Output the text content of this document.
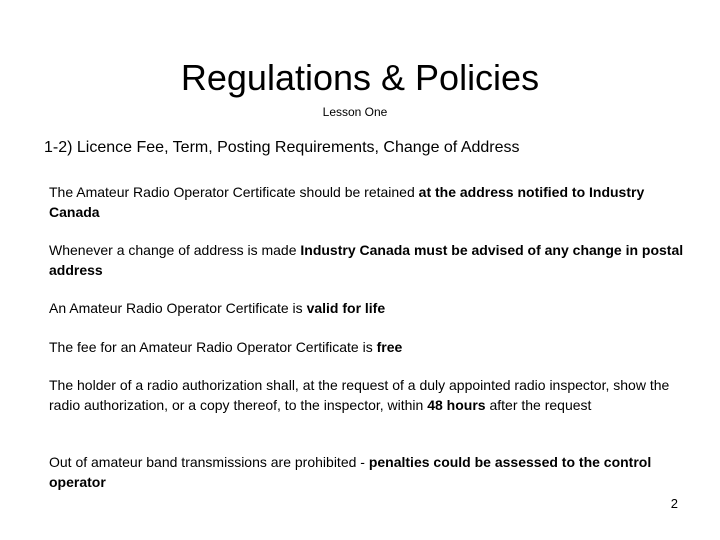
Regulations & Policies

Lesson One

1-2) Licence Fee, Term, Posting Requirements, Change of Address

The Amateur Radio Operator Certificate should be retained at the address notified to Industry Canada

Whenever a change of address is made Industry Canada must be advised of any change in postal address

An Amateur Radio Operator Certificate is valid for life

The fee for an Amateur Radio Operator Certificate is free

The holder of a radio authorization shall, at the request of a duly appointed radio inspector, show the radio authorization, or a copy thereof, to the inspector, within 48 hours after the request

Out of amateur band transmissions are prohibited - penalties could be assessed to the control operator

2
